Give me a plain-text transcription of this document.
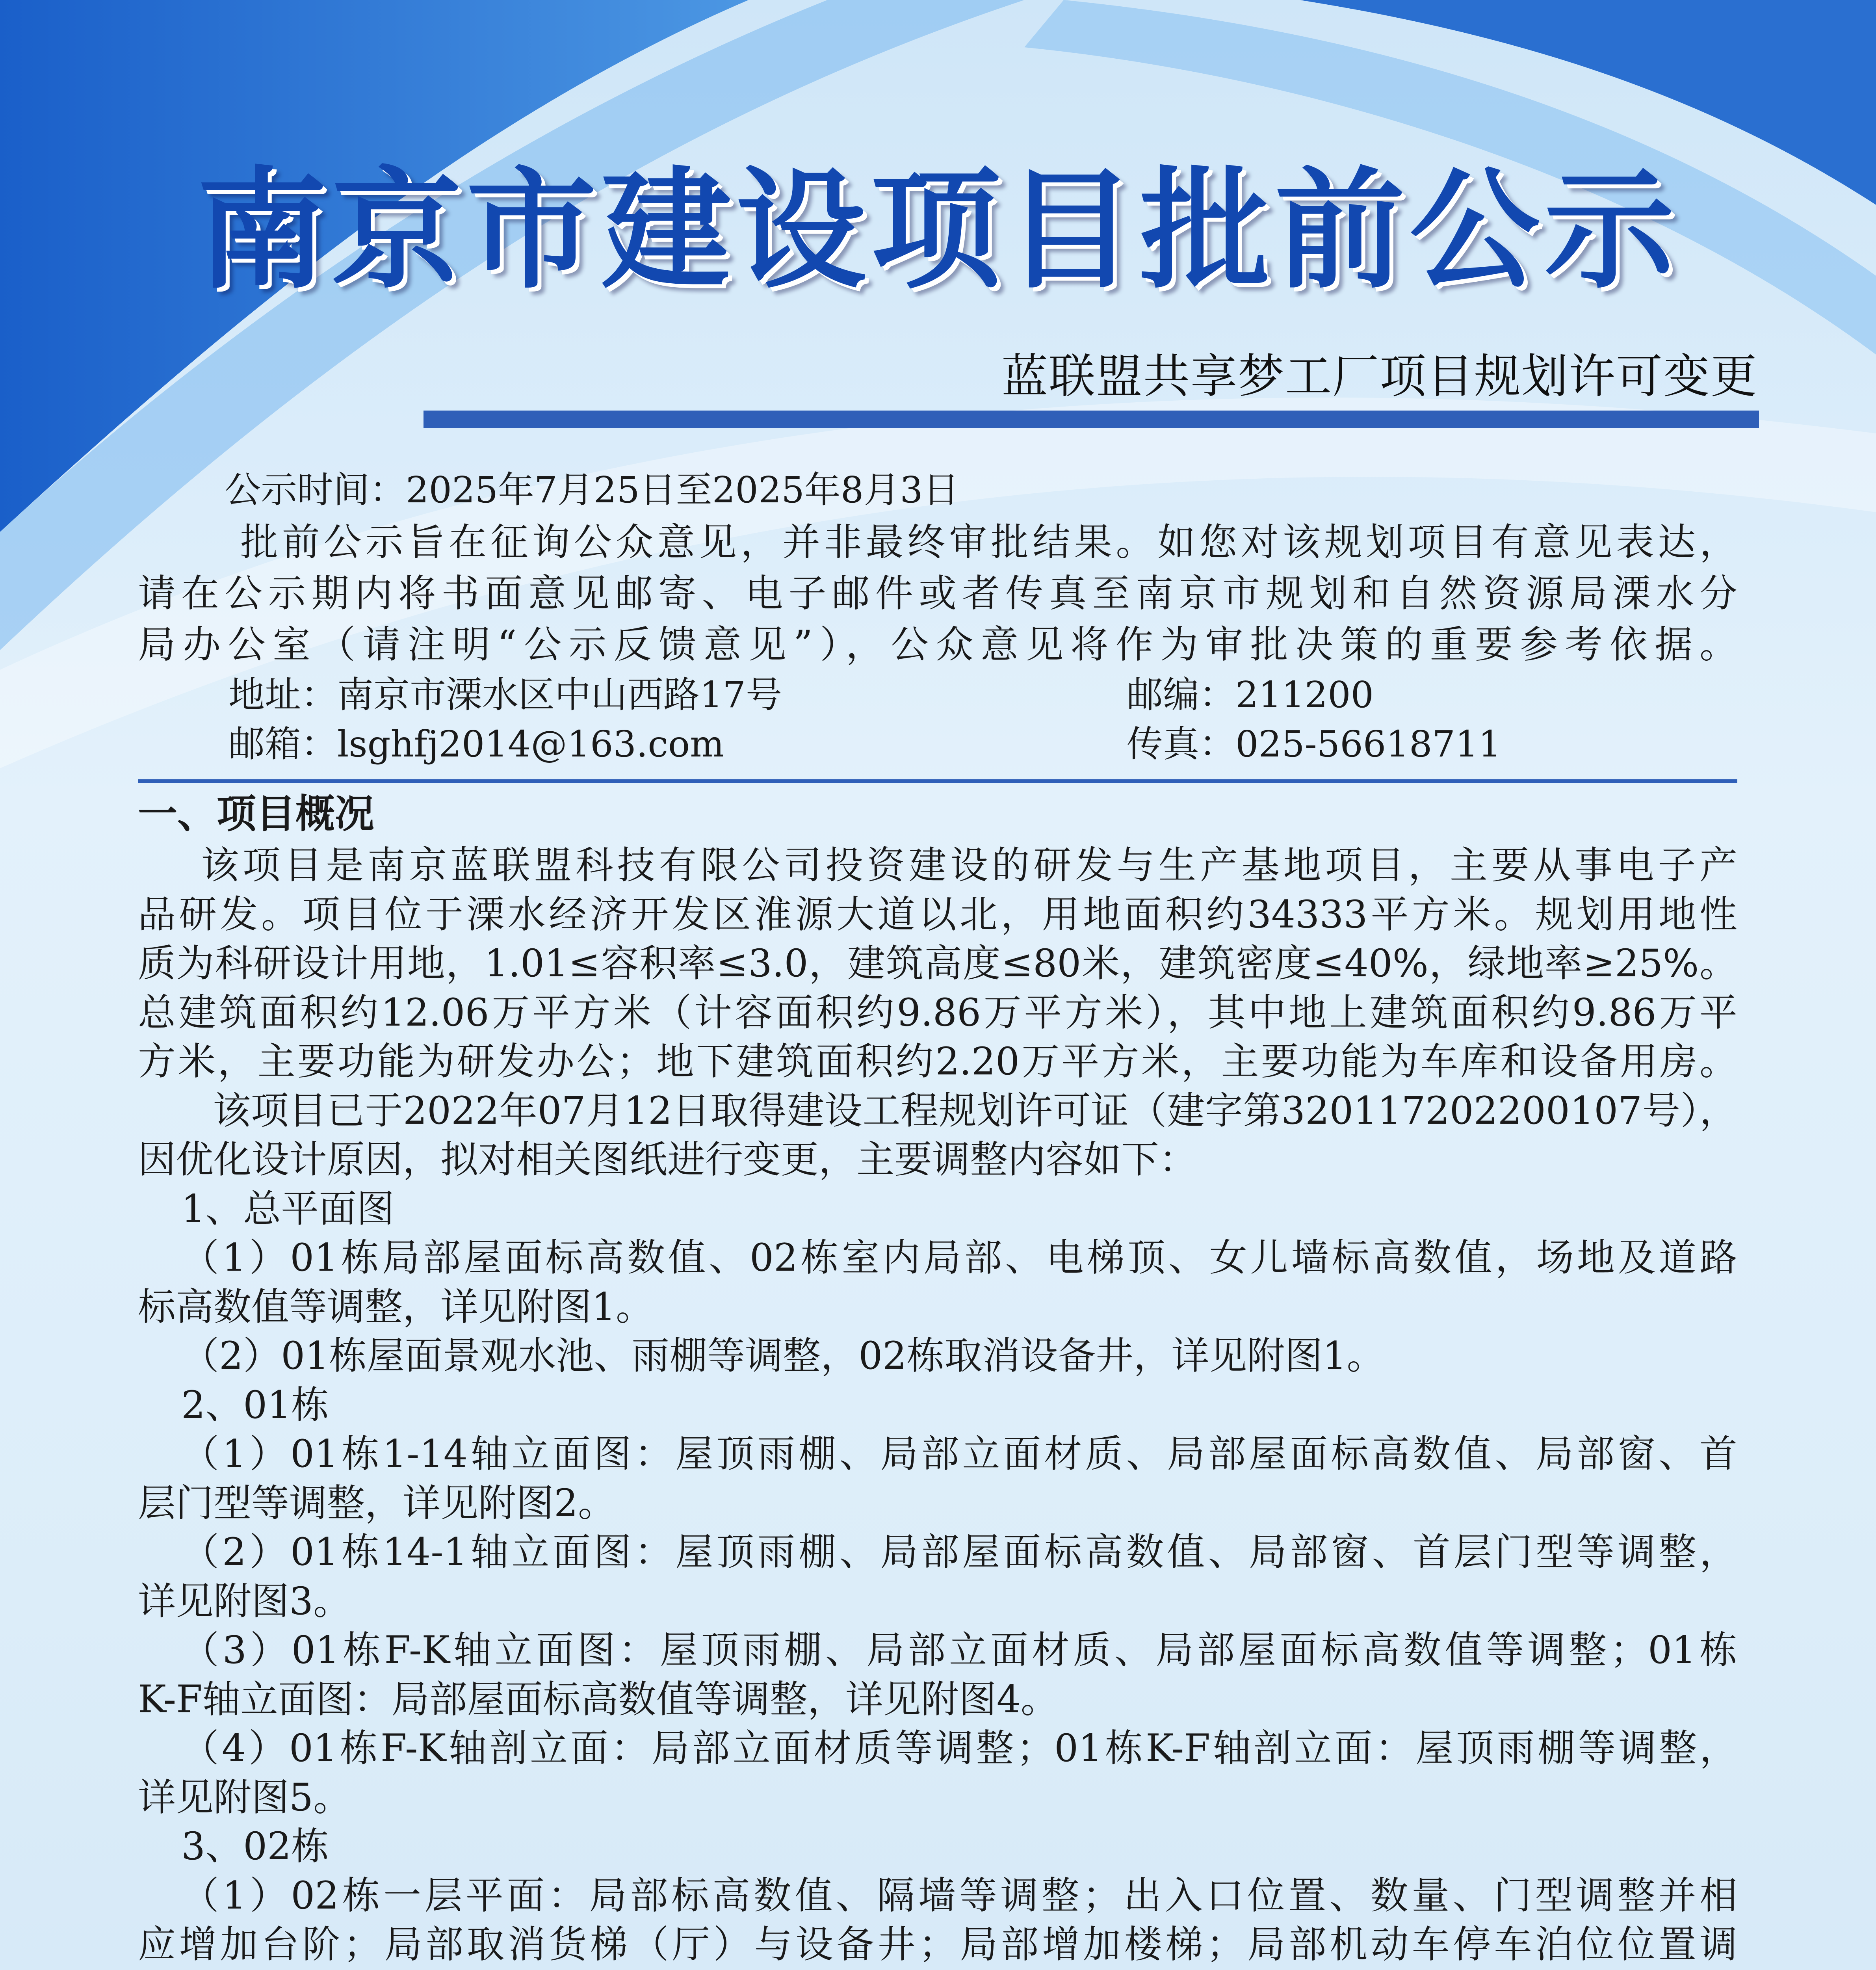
南京市建设项目批前公示
蓝联盟共享梦工厂项目规划许可变更
公示时间：2025年7月25日至2025年8月3日
批前公示旨在征询公众意见，并非最终审批结果。如您对该规划项目有意见表达，
请在公示期内将书面意见邮寄、电子邮件或者传真至南京市规划和自然资源局溧水分
局办公室（请注明“公示反馈意见”），公众意见将作为审批决策的重要参考依据。
地址：南京市溧水区中山西路17号	邮编：211200
邮箱：lsghfj2014@163.com	传真：025-56618711
一、项目概况
该项目是南京蓝联盟科技有限公司投资建设的研发与生产基地项目，主要从事电子产
品研发。项目位于溧水经济开发区淮源大道以北，用地面积约34333平方米。规划用地性
质为科研设计用地，1.01≤容积率≤3.0，建筑高度≤80米，建筑密度≤40%，绿地率≥25%。
总建筑面积约12.06万平方米（计容面积约9.86万平方米），其中地上建筑面积约9.86万平
方米，主要功能为研发办公；地下建筑面积约2.20万平方米，主要功能为车库和设备用房。
该项目已于2022年07月12日取得建设工程规划许可证（建字第320117202200107号），
因优化设计原因，拟对相关图纸进行变更，主要调整内容如下：
1、总平面图
（1）01栋局部屋面标高数值、02栋室内局部、电梯顶、女儿墙标高数值，场地及道路
标高数值等调整，详见附图1。
（2）01栋屋面景观水池、雨棚等调整，02栋取消设备井，详见附图1。
2、01栋
（1）01栋1-14轴立面图：屋顶雨棚、局部立面材质、局部屋面标高数值、局部窗、首
层门型等调整，详见附图2。
（2）01栋14-1轴立面图：屋顶雨棚、局部屋面标高数值、局部窗、首层门型等调整，
详见附图3。
（3）01栋F-K轴立面图：屋顶雨棚、局部立面材质、局部屋面标高数值等调整；01栋
K-F轴立面图：局部屋面标高数值等调整，详见附图4。
（4）01栋F-K轴剖立面：局部立面材质等调整；01栋K-F轴剖立面：屋顶雨棚等调整，
详见附图5。
3、02栋
（1）02栋一层平面：局部标高数值、隔墙等调整；出入口位置、数量、门型调整并相
应增加台阶；局部取消货梯（厅）与设备井；局部增加楼梯；局部机动车停车泊位位置调
